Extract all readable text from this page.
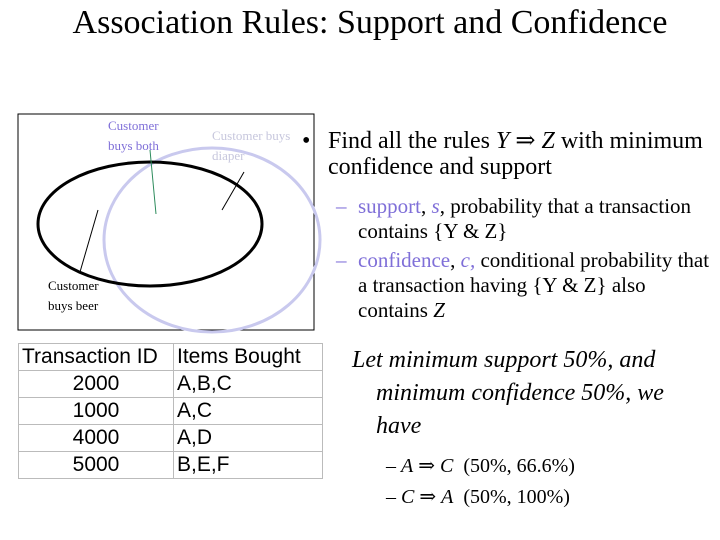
Association Rules: Support and Confidence
Customer buys both
Customer buys diaper
Customer buys beer
• Find all the rules Y ⇒ Z with minimum confidence and support
– support, s, probability that a transaction contains {Y & Z}
– confidence, c, conditional probability that a transaction having {Y & Z} also contains Z
Transaction ID	Items Bought
2000	A,B,C
1000	A,C
4000	A,D
5000	B,E,F
Let minimum support 50%, and minimum confidence 50%, we have
– A ⇒ C (50%, 66.6%)
– C ⇒ A (50%, 100%)
